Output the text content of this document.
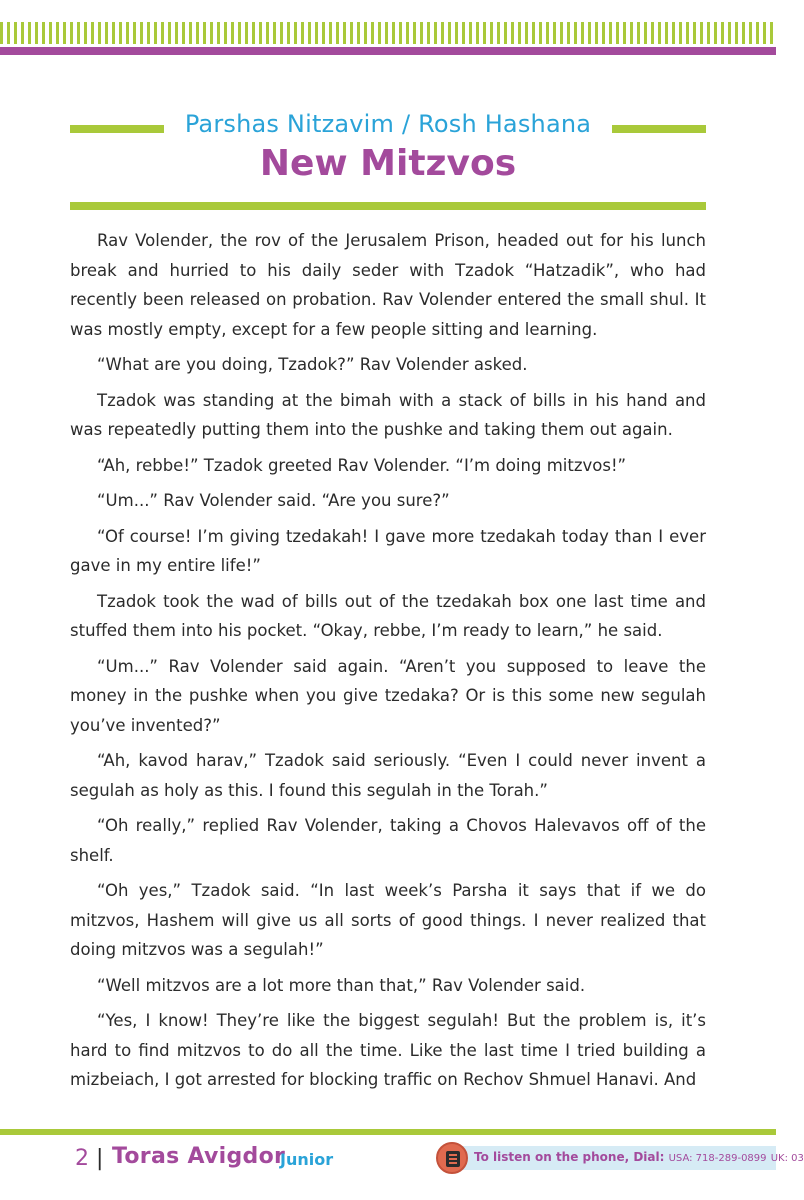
Parshas Nitzavim / Rosh Hashana
New Mitzvos

Rav Volender, the rov of the Jerusalem Prison, headed out for his lunch break and hurried to his daily seder with Tzadok “Hatzadik”, who had recently been released on probation. Rav Volender entered the small shul. It was mostly empty, except for a few people sitting and learning.

“What are you doing, Tzadok?” Rav Volender asked.

Tzadok was standing at the bimah with a stack of bills in his hand and was repeatedly putting them into the pushke and taking them out again.

“Ah, rebbe!” Tzadok greeted Rav Volender. “I’m doing mitzvos!”

“Um...” Rav Volender said. “Are you sure?”

“Of course! I’m giving tzedakah! I gave more tzedakah today than I ever gave in my entire life!”

Tzadok took the wad of bills out of the tzedakah box one last time and stuffed them into his pocket. “Okay, rebbe, I’m ready to learn,” he said.

“Um...” Rav Volender said again. “Aren’t you supposed to leave the money in the pushke when you give tzedaka? Or is this some new segulah you’ve invented?”

“Ah, kavod harav,” Tzadok said seriously. “Even I could never invent a segulah as holy as this. I found this segulah in the Torah.”

“Oh really,” replied Rav Volender, taking a Chovos Halevavos off of the shelf.

“Oh yes,” Tzadok said. “In last week’s Parsha it says that if we do mitzvos, Hashem will give us all sorts of good things. I never realized that doing mitzvos was a segulah!”

“Well mitzvos are a lot more than that,” Rav Volender said.

“Yes, I know! They’re like the biggest segulah! But the problem is, it’s hard to find mitzvos to do all the time. Like the last time I tried building a mizbeiach, I got arrested for blocking traffic on Rechov Shmuel Hanavi. And

2 | Toras Avigdor
Junior	To listen on the phone, Dial: USA: 718-289-0899 UK: 03
